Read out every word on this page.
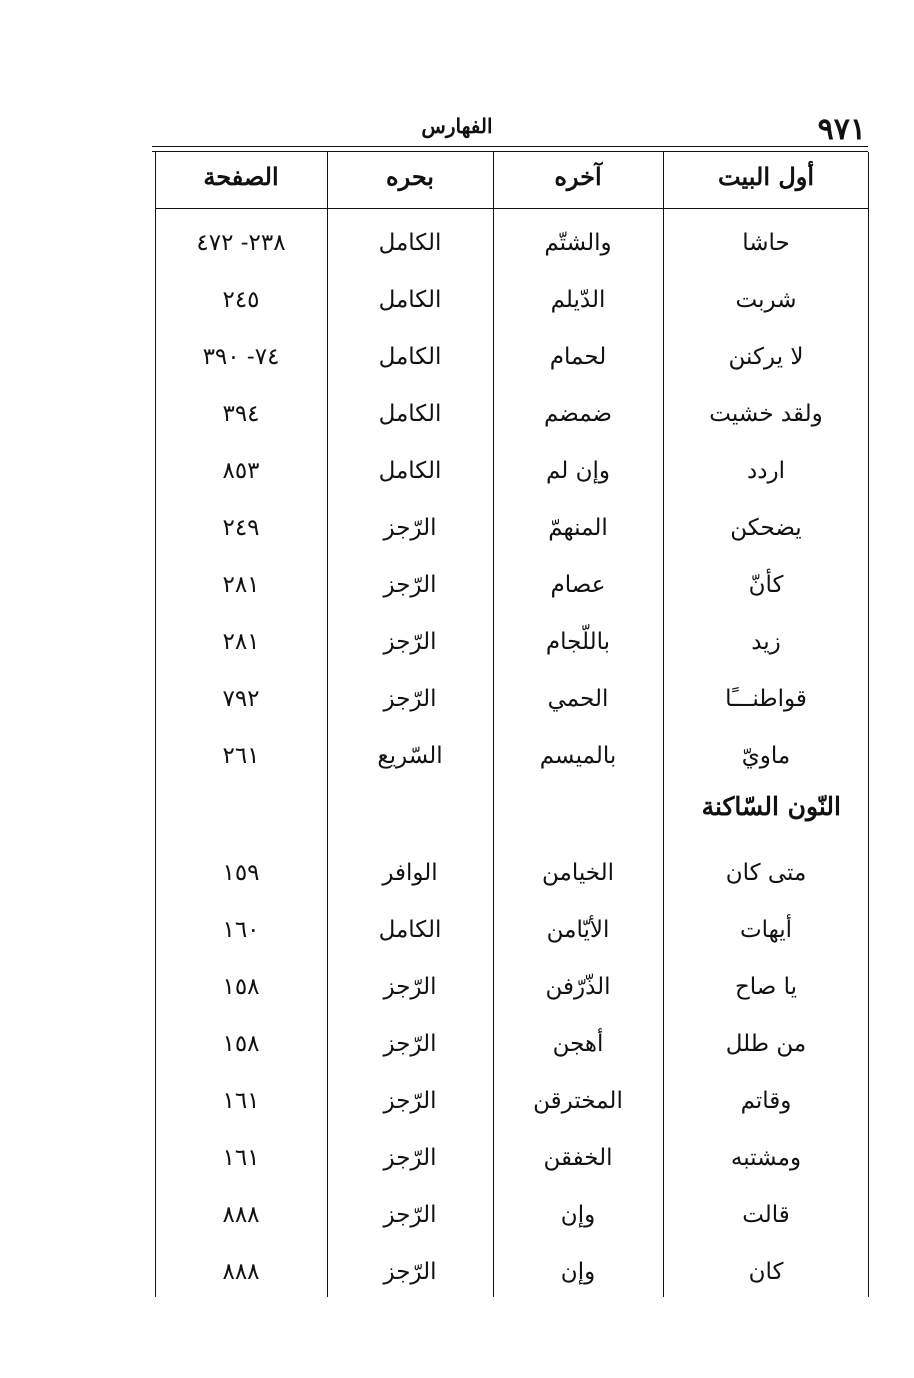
٩٧١
الفهارس
أول البيت
آخره
بحره
الصفحة
حاشا
والشتّم
الكامل
٢٣٨- ٤٧٢
شربت
الدّيلم
الكامل
٢٤٥
لا يركنن
لحمام
الكامل
٧٤- ٣٩٠
ولقد خشيت
ضمضم
الكامل
٣٩٤
اردد
وإن لم
الكامل
٨٥٣
يضحكن
المنهمّ
الرّجز
٢٤٩
كأنّ
عصام
الرّجز
٢٨١
زيد
باللّجام
الرّجز
٢٨١
قواطنـــًا
الحمي
الرّجز
٧٩٢
ماويّ
بالميسم
السّريع
٢٦١
النّون السّاكنة
متى كان
الخيامن
الوافر
١٥٩
أيهات
الأيّامن
الكامل
١٦٠
يا صاح
الذّرّفن
الرّجز
١٥٨
من طلل
أهجن
الرّجز
١٥٨
وقاتم
المخترقن
الرّجز
١٦١
ومشتبه
الخفقن
الرّجز
١٦١
قالت
وإن
الرّجز
٨٨٨
كان
وإن
الرّجز
٨٨٨
